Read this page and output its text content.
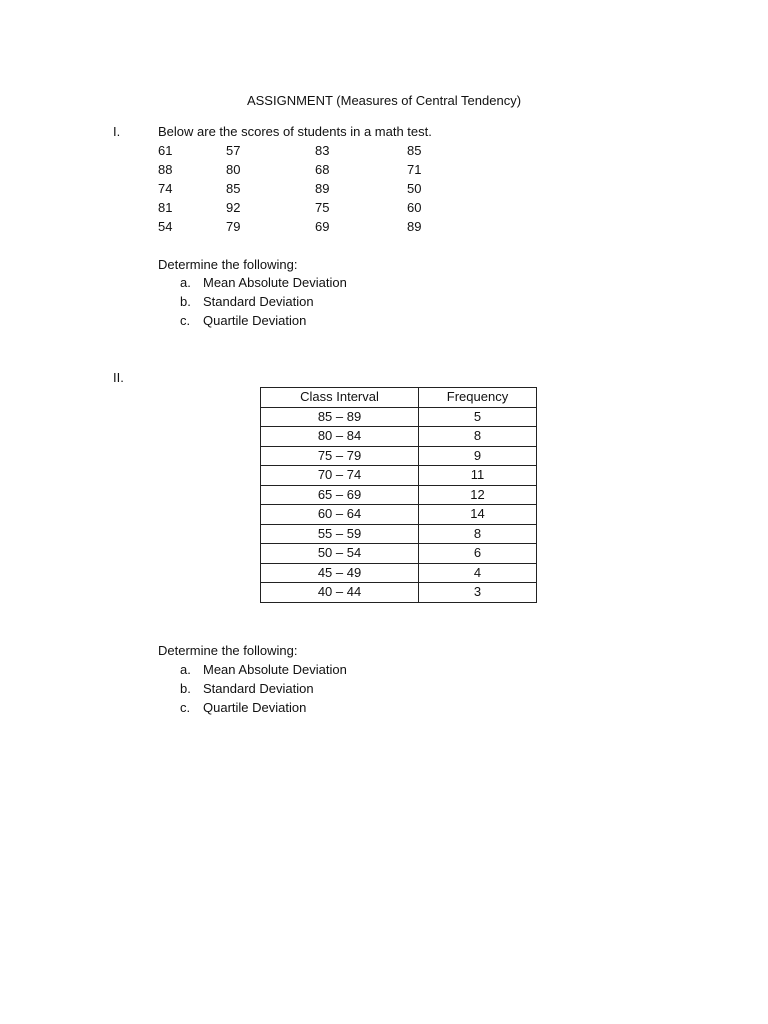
ASSIGNMENT (Measures of Central Tendency)
I.	Below are the scores of students in a math test.
61	57	83	85
88	80	68	71
74	85	89	50
81	92	75	60
54	79	69	89
Determine the following:
a. Mean Absolute Deviation
b. Standard Deviation
c. Quartile Deviation
II.
Class Interval	Frequency
85 – 89	5
80 – 84	8
75 – 79	9
70 – 74	11
65 – 69	12
60 – 64	14
55 – 59	8
50 – 54	6
45 – 49	4
40 – 44	3
Determine the following:
a. Mean Absolute Deviation
b. Standard Deviation
c. Quartile Deviation
